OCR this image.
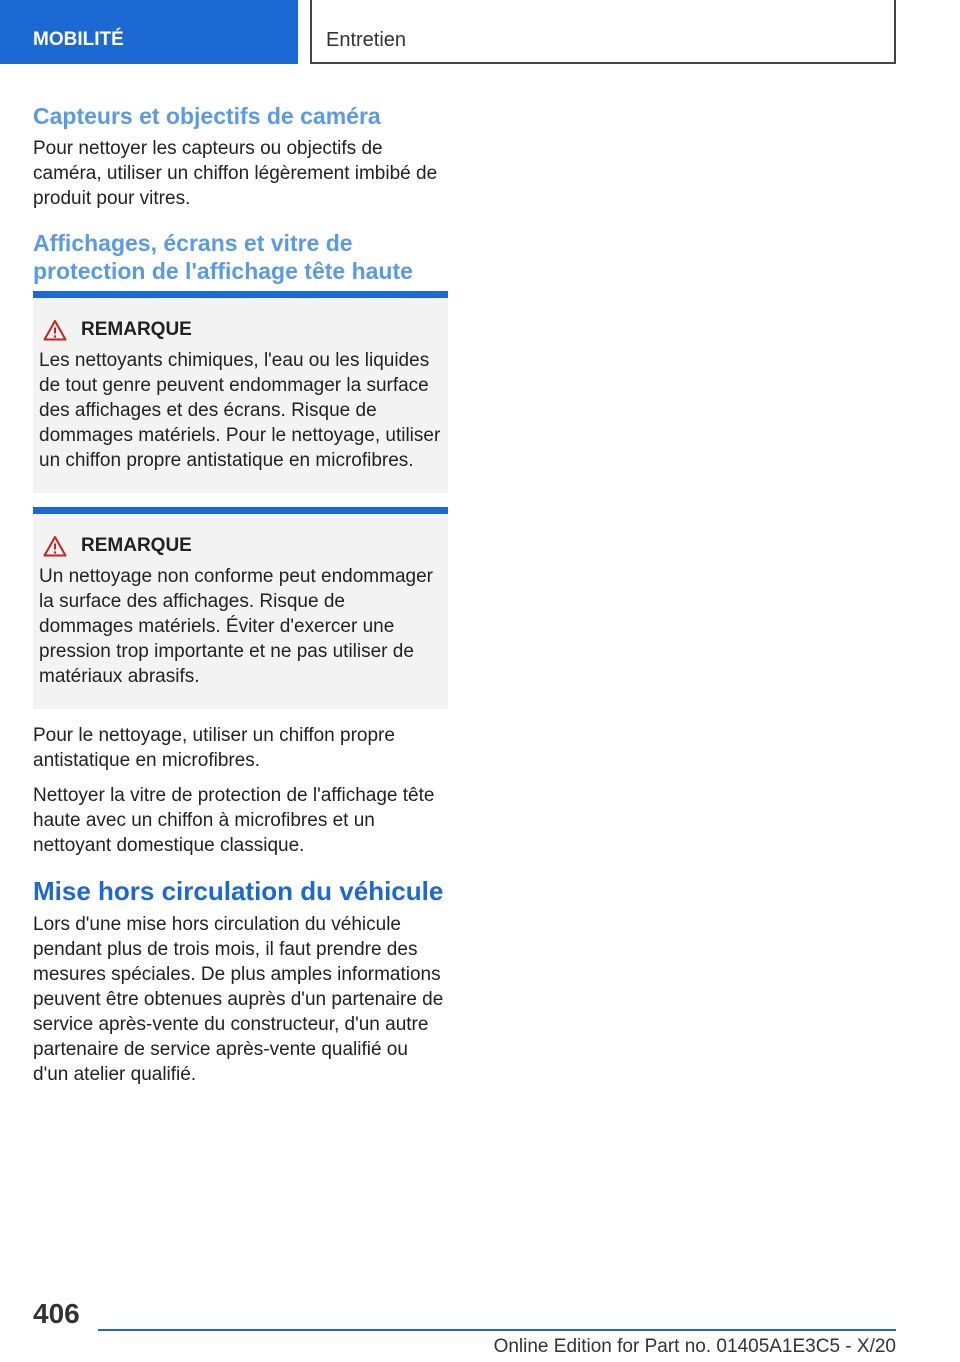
MOBILITÉ	Entretien
Capteurs et objectifs de caméra

Pour nettoyer les capteurs ou objectifs de caméra, utiliser un chiffon légèrement imbibé de produit pour vitres.

Affichages, écrans et vitre de protection de l'affichage tête haute
REMARQUE

Les nettoyants chimiques, l'eau ou les liquides de tout genre peuvent endommager la surface des affichages et des écrans. Risque de dommages matériels. Pour le nettoyage, utiliser un chiffon propre antistatique en microfibres.

REMARQUE

Un nettoyage non conforme peut endommager la surface des affichages. Risque de dommages matériels. Éviter d'exercer une pression trop importante et ne pas utiliser de matériaux abrasifs.

Pour le nettoyage, utiliser un chiffon propre antistatique en microfibres.

Nettoyer la vitre de protection de l'affichage tête haute avec un chiffon à microfibres et un nettoyant domestique classique.

Mise hors circulation du véhicule

Lors d'une mise hors circulation du véhicule pendant plus de trois mois, il faut prendre des mesures spéciales. De plus amples informations peuvent être obtenues auprès d'un partenaire de service après-vente du constructeur, d'un autre partenaire de service après-vente qualifié ou d'un atelier qualifié.

406
Online Edition for Part no. 01405A1E3C5 - X/20
